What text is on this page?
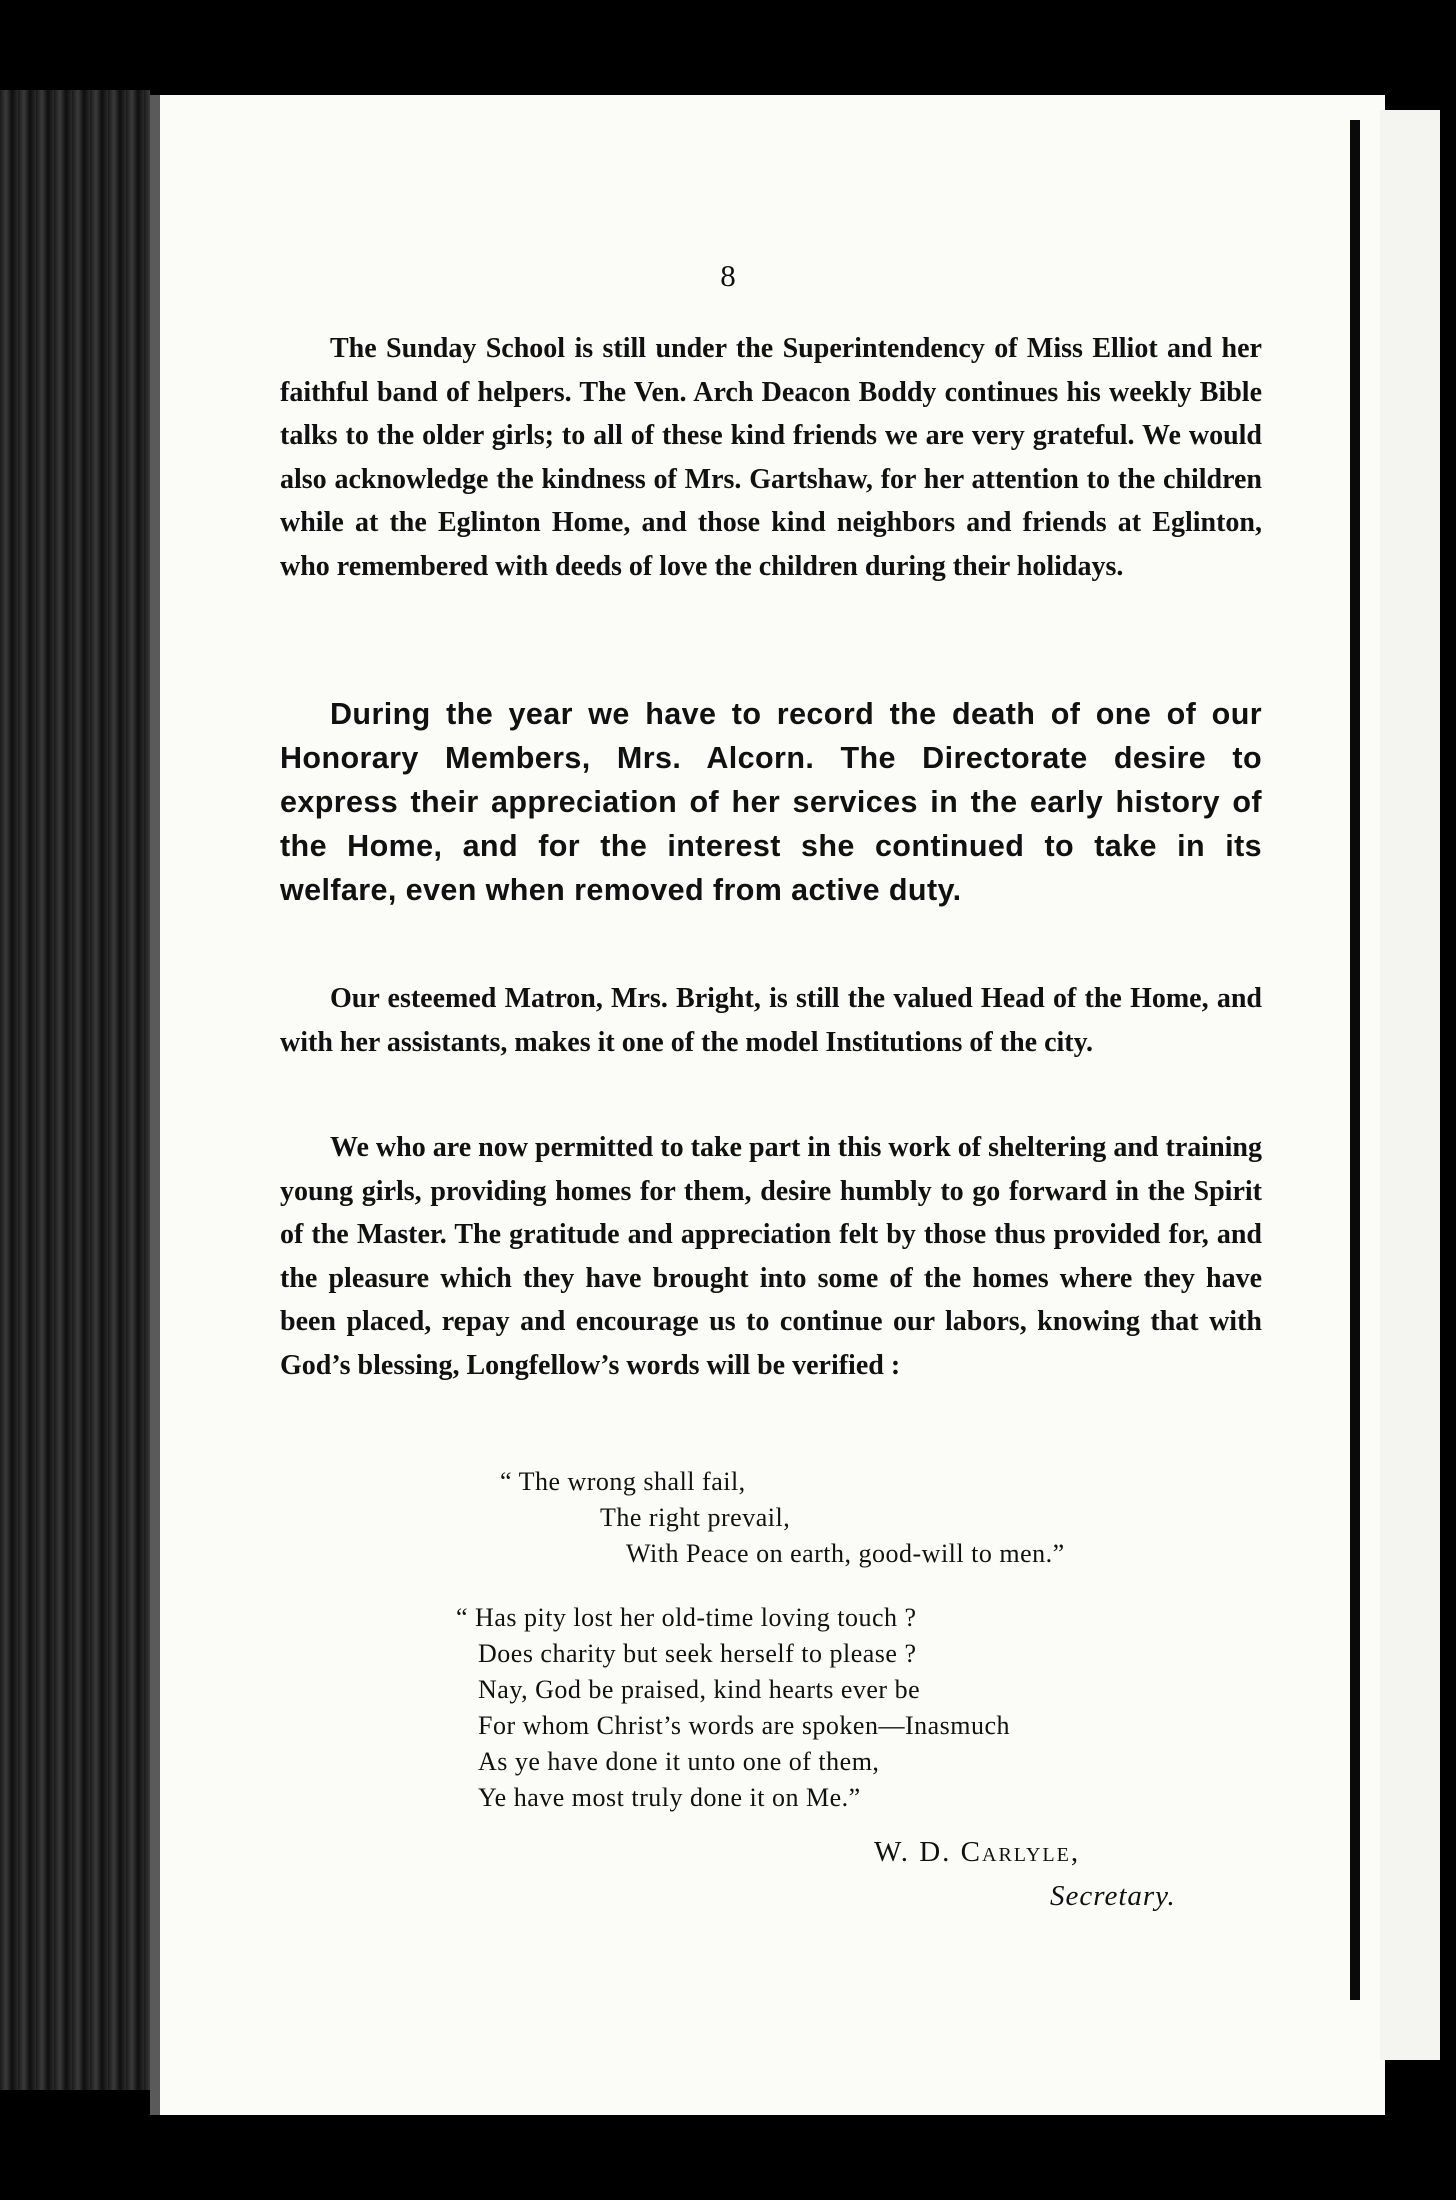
8

The Sunday School is still under the Superintendency of Miss Elliot and her faithful band of helpers. The Ven. Arch Deacon Boddy continues his weekly Bible talks to the older girls; to all of these kind friends we are very grateful. We would also acknowledge the kindness of Mrs. Gartshaw, for her attention to the children while at the Eglinton Home, and those kind neighbors and friends at Eglinton, who remembered with deeds of love the children during their holidays.

During the year we have to record the death of one of our Honorary Members, Mrs. Alcorn. The Directorate desire to express their appreciation of her services in the early history of the Home, and for the interest she continued to take in its welfare, even when removed from active duty.

Our esteemed Matron, Mrs. Bright, is still the valued Head of the Home, and with her assistants, makes it one of the model Institutions of the city.

We who are now permitted to take part in this work of sheltering and training young girls, providing homes for them, desire humbly to go forward in the Spirit of the Master. The gratitude and appreciation felt by those thus provided for, and the pleasure which they have brought into some of the homes where they have been placed, repay and encourage us to continue our labors, knowing that with God’s blessing, Longfellow’s words will be verified :

“ The wrong shall fail,
The right prevail,
With Peace on earth, good-will to men.”
“ Has pity lost her old-time loving touch ?
Does charity but seek herself to please ?
Nay, God be praised, kind hearts ever be
For whom Christ’s words are spoken—Inasmuch
As ye have done it unto one of them,
Ye have most truly done it on Me.”
W. D. Carlyle,
Secretary.
